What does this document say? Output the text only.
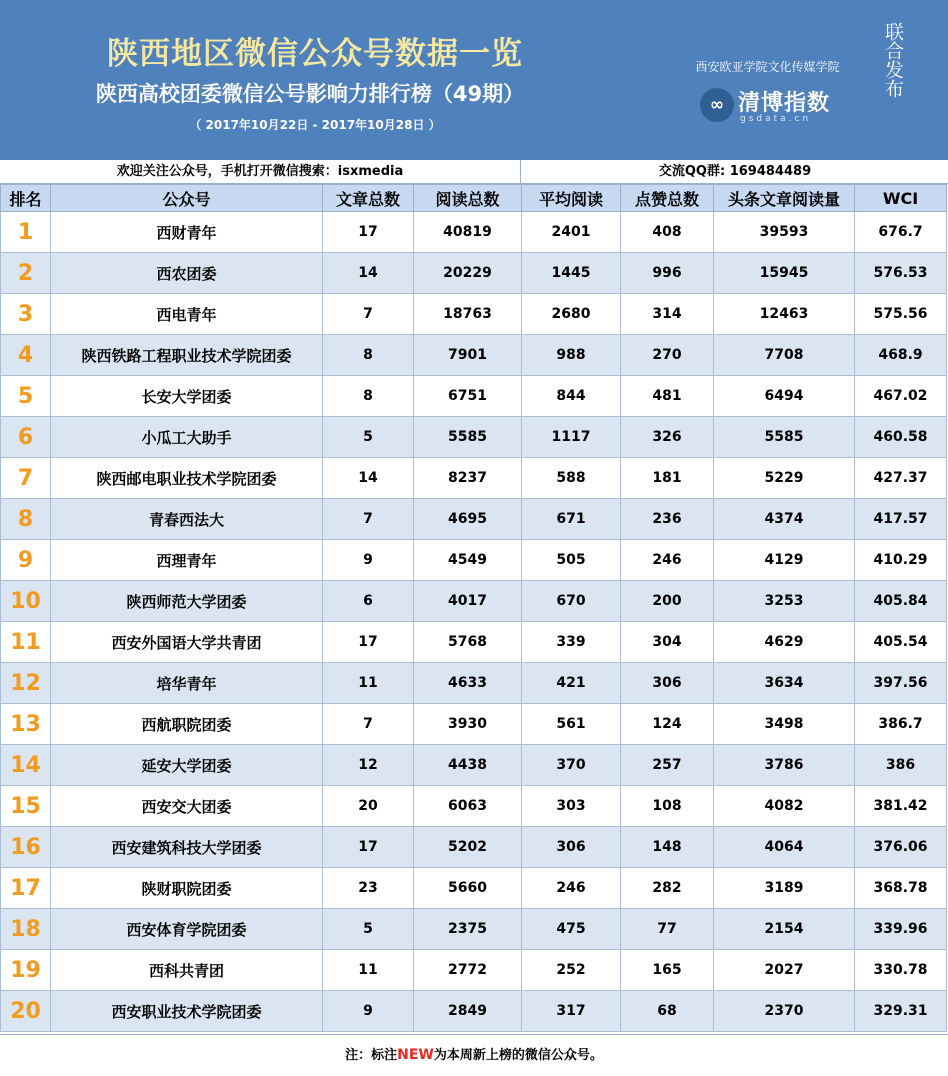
陕西地区微信公众号数据一览
陕西高校团委微信公号影响力排行榜（49期）
（ 2017年10月22日 - 2017年10月28日 ）
西安欧亚学院文化传媒学院
∞ 清博指数
gsdata.cn
联合发布
欢迎关注公众号，手机打开微信搜索：isxmedia	交流QQ群: 169484489
排名	公众号	文章总数	阅读总数	平均阅读	点赞总数	头条文章阅读量	WCI
1	西财青年	17	40819	2401	408	39593	676.7
2	西农团委	14	20229	1445	996	15945	576.53
3	西电青年	7	18763	2680	314	12463	575.56
4	陕西铁路工程职业技术学院团委	8	7901	988	270	7708	468.9
5	长安大学团委	8	6751	844	481	6494	467.02
6	小瓜工大助手	5	5585	1117	326	5585	460.58
7	陕西邮电职业技术学院团委	14	8237	588	181	5229	427.37
8	青春西法大	7	4695	671	236	4374	417.57
9	西理青年	9	4549	505	246	4129	410.29
10	陕西师范大学团委	6	4017	670	200	3253	405.84
11	西安外国语大学共青团	17	5768	339	304	4629	405.54
12	培华青年	11	4633	421	306	3634	397.56
13	西航职院团委	7	3930	561	124	3498	386.7
14	延安大学团委	12	4438	370	257	3786	386
15	西安交大团委	20	6063	303	108	4082	381.42
16	西安建筑科技大学团委	17	5202	306	148	4064	376.06
17	陕财职院团委	23	5660	246	282	3189	368.78
18	西安体育学院团委	5	2375	475	77	2154	339.96
19	西科共青团	11	2772	252	165	2027	330.78
20	西安职业技术学院团委	9	2849	317	68	2370	329.31
注：标注NEW为本周新上榜的微信公众号。
